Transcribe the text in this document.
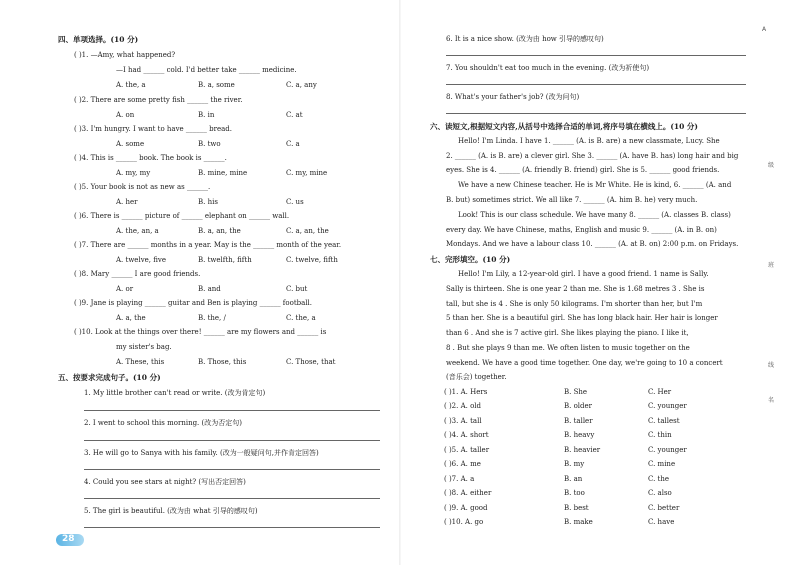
四、单项选择。(10 分)
( )1. —Amy, what happened?
—I had ______ cold. I'd better take ______ medicine.
A. the, a	B. a, some	C. a, any
( )2. There are some pretty fish ______ the river.
A. on	B. in	C. at
( )3. I'm hungry. I want to have ______ bread.
A. some	B. two	C. a
( )4. This is ______ book. The book is ______.
A. my, my	B. mine, mine	C. my, mine
( )5. Your book is not as new as ______.
A. her	B. his	C. us
( )6. There is ______ picture of ______ elephant on ______ wall.
A. the, an, a	B. a, an, the	C. a, an, the
( )7. There are ______ months in a year. May is the ______ month of the year.
A. twelve, five	B. twelfth, fifth	C. twelve, fifth
( )8. Mary ______ I are good friends.
A. or	B. and	C. but
( )9. Jane is playing ______ guitar and Ben is playing ______ football.
A. a, the	B. the, /	C. the, a
( )10. Look at the things over there! ______ are my flowers and ______ is
my sister's bag.
A. These, this	B. Those, this	C. Those, that
五、按要求完成句子。(10 分)
1. My little brother can't read or write. (改为肯定句)
2. I went to school this morning. (改为否定句)
3. He will go to Sanya with his family. (改为一般疑问句,并作肯定回答)
4. Could you see stars at night? (写出否定回答)
5. The girl is beautiful. (改为由 what 引导的感叹句)
28
6. It is a nice show. (改为由 how 引导的感叹句)
7. You shouldn't eat too much in the evening. (改为祈使句)
8. What's your father's job? (改为问句)
六、读短文,根据短文内容,从括号中选择合适的单词,将序号填在横线上。(10 分)
Hello! I'm Linda. I have 1. ______ (A. is B. are) a new classmate, Lucy. She
2. ______ (A. is B. are) a clever girl. She 3. ______ (A. have B. has) long hair and big
eyes. She is 4. ______ (A. friendly B. friend) girl. She is 5. ______ good friends.
We have a new Chinese teacher. He is Mr White. He is kind, 6. ______ (A. and
B. but) sometimes strict. We all like 7. ______ (A. him B. he) very much.
Look! This is our class schedule. We have many 8. ______ (A. classes B. class)
every day. We have Chinese, maths, English and music 9. ______ (A. in B. on)
Mondays. And we have a labour class 10. ______ (A. at B. on) 2:00 p.m. on Fridays.
七、完形填空。(10 分)
Hello! I'm Lily, a 12-year-old girl. I have a good friend. 1 name is Sally.
Sally is thirteen. She is one year 2 than me. She is 1.68 metres 3 . She is
tall, but she is 4 . She is only 50 kilograms. I'm shorter than her, but I'm
5 than her. She is a beautiful girl. She has long black hair. Her hair is longer
than 6 . And she is 7 active girl. She likes playing the piano. I like it,
8 . But she plays 9 than me. We often listen to music together on the
weekend. We have a good time together. One day, we're going to 10 a concert
(音乐会) together.
( )1. A. Hers	B. She	C. Her
( )2. A. old	B. older	C. younger
( )3. A. tall	B. taller	C. tallest
( )4. A. short	B. heavy	C. thin
( )5. A. taller	B. heavier	C. younger
( )6. A. me	B. my	C. mine
( )7. A. a	B. an	C. the
( )8. A. either	B. too	C. also
( )9. A. good	B. best	C. better
( )10. A. go	B. make	C. have
A
级
班
线
名
